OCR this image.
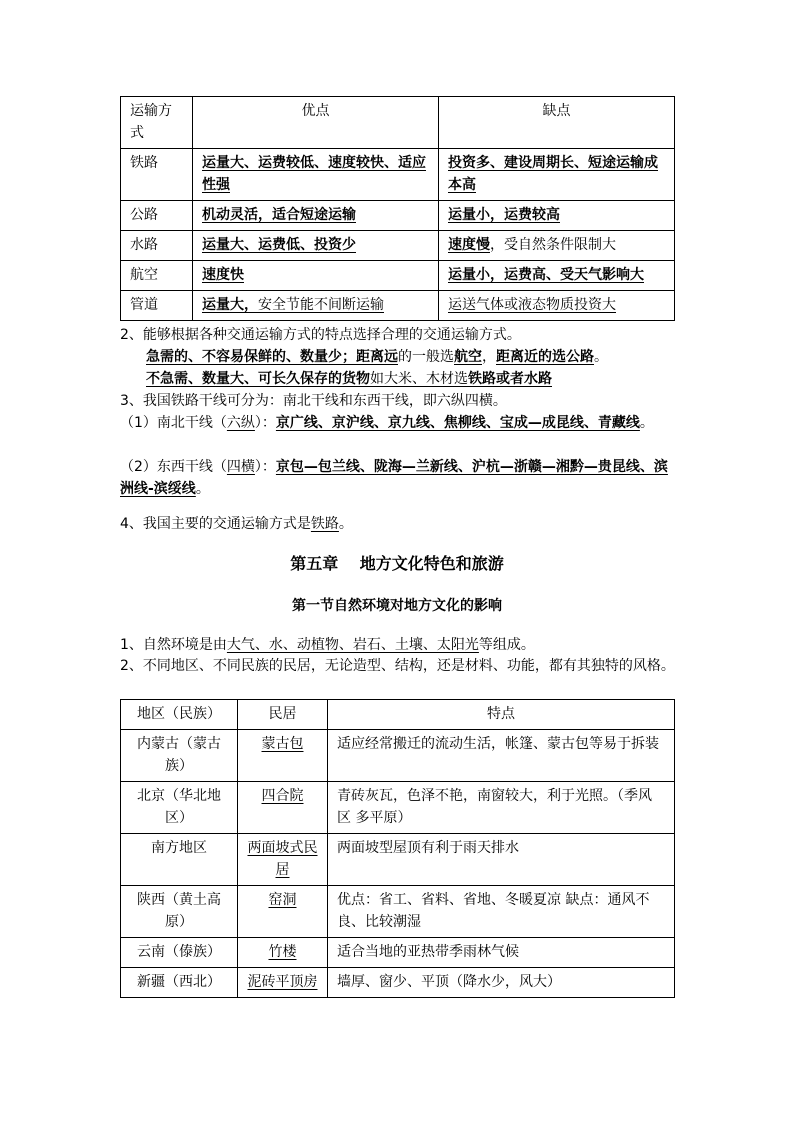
运输方式	优点	缺点
铁路	运量大、运费较低、速度较快、适应性强	投资多、建设周期长、短途运输成本高
公路	机动灵活，适合短途运输	运量小，运费较高
水路	运量大、运费低、投资少	速度慢，受自然条件限制大
航空	速度快	运量小，运费高、受天气影响大
管道	运量大，安全节能不间断运输	运送气体或液态物质投资大

2、能够根据各种交通运输方式的特点选择合理的交通运输方式。

急需的、不容易保鲜的、数量少；距离远的一般选航空，距离近的选公路。

不急需、数量大、可长久保存的货物如大米、木材选铁路或者水路

3、我国铁路干线可分为：南北干线和东西干线，即六纵四横。

（1）南北干线（六纵）：京广线、京沪线、京九线、焦柳线、宝成—成昆线、青藏线。

（2）东西干线（四横）：京包—包兰线、陇海—兰新线、沪杭—浙赣—湘黔—贵昆线、滨洲线-滨绥线。

4、我国主要的交通运输方式是铁路。

第五章　 地方文化特色和旅游

第一节自然环境对地方文化的影响

1、自然环境是由大气、水、动植物、岩石、土壤、太阳光等组成。

2、不同地区、不同民族的民居，无论造型、结构，还是材料、功能，都有其独特的风格。

地区（民族）	民居	特点
内蒙古（蒙古族）	蒙古包	适应经常搬迁的流动生活，帐篷、蒙古包等易于拆装
北京（华北地区）	四合院	青砖灰瓦，色泽不艳，南窗较大，利于光照。（季风区 多平原）
南方地区	两面坡式民居	两面坡型屋顶有利于雨天排水
陕西（黄土高原）	窑洞	优点：省工、省料、省地、冬暖夏凉 缺点：通风不良、比较潮湿
云南（傣族）	竹楼	适合当地的亚热带季雨林气候
新疆（西北）	泥砖平顶房	墙厚、窗少、平顶（降水少，风大）
